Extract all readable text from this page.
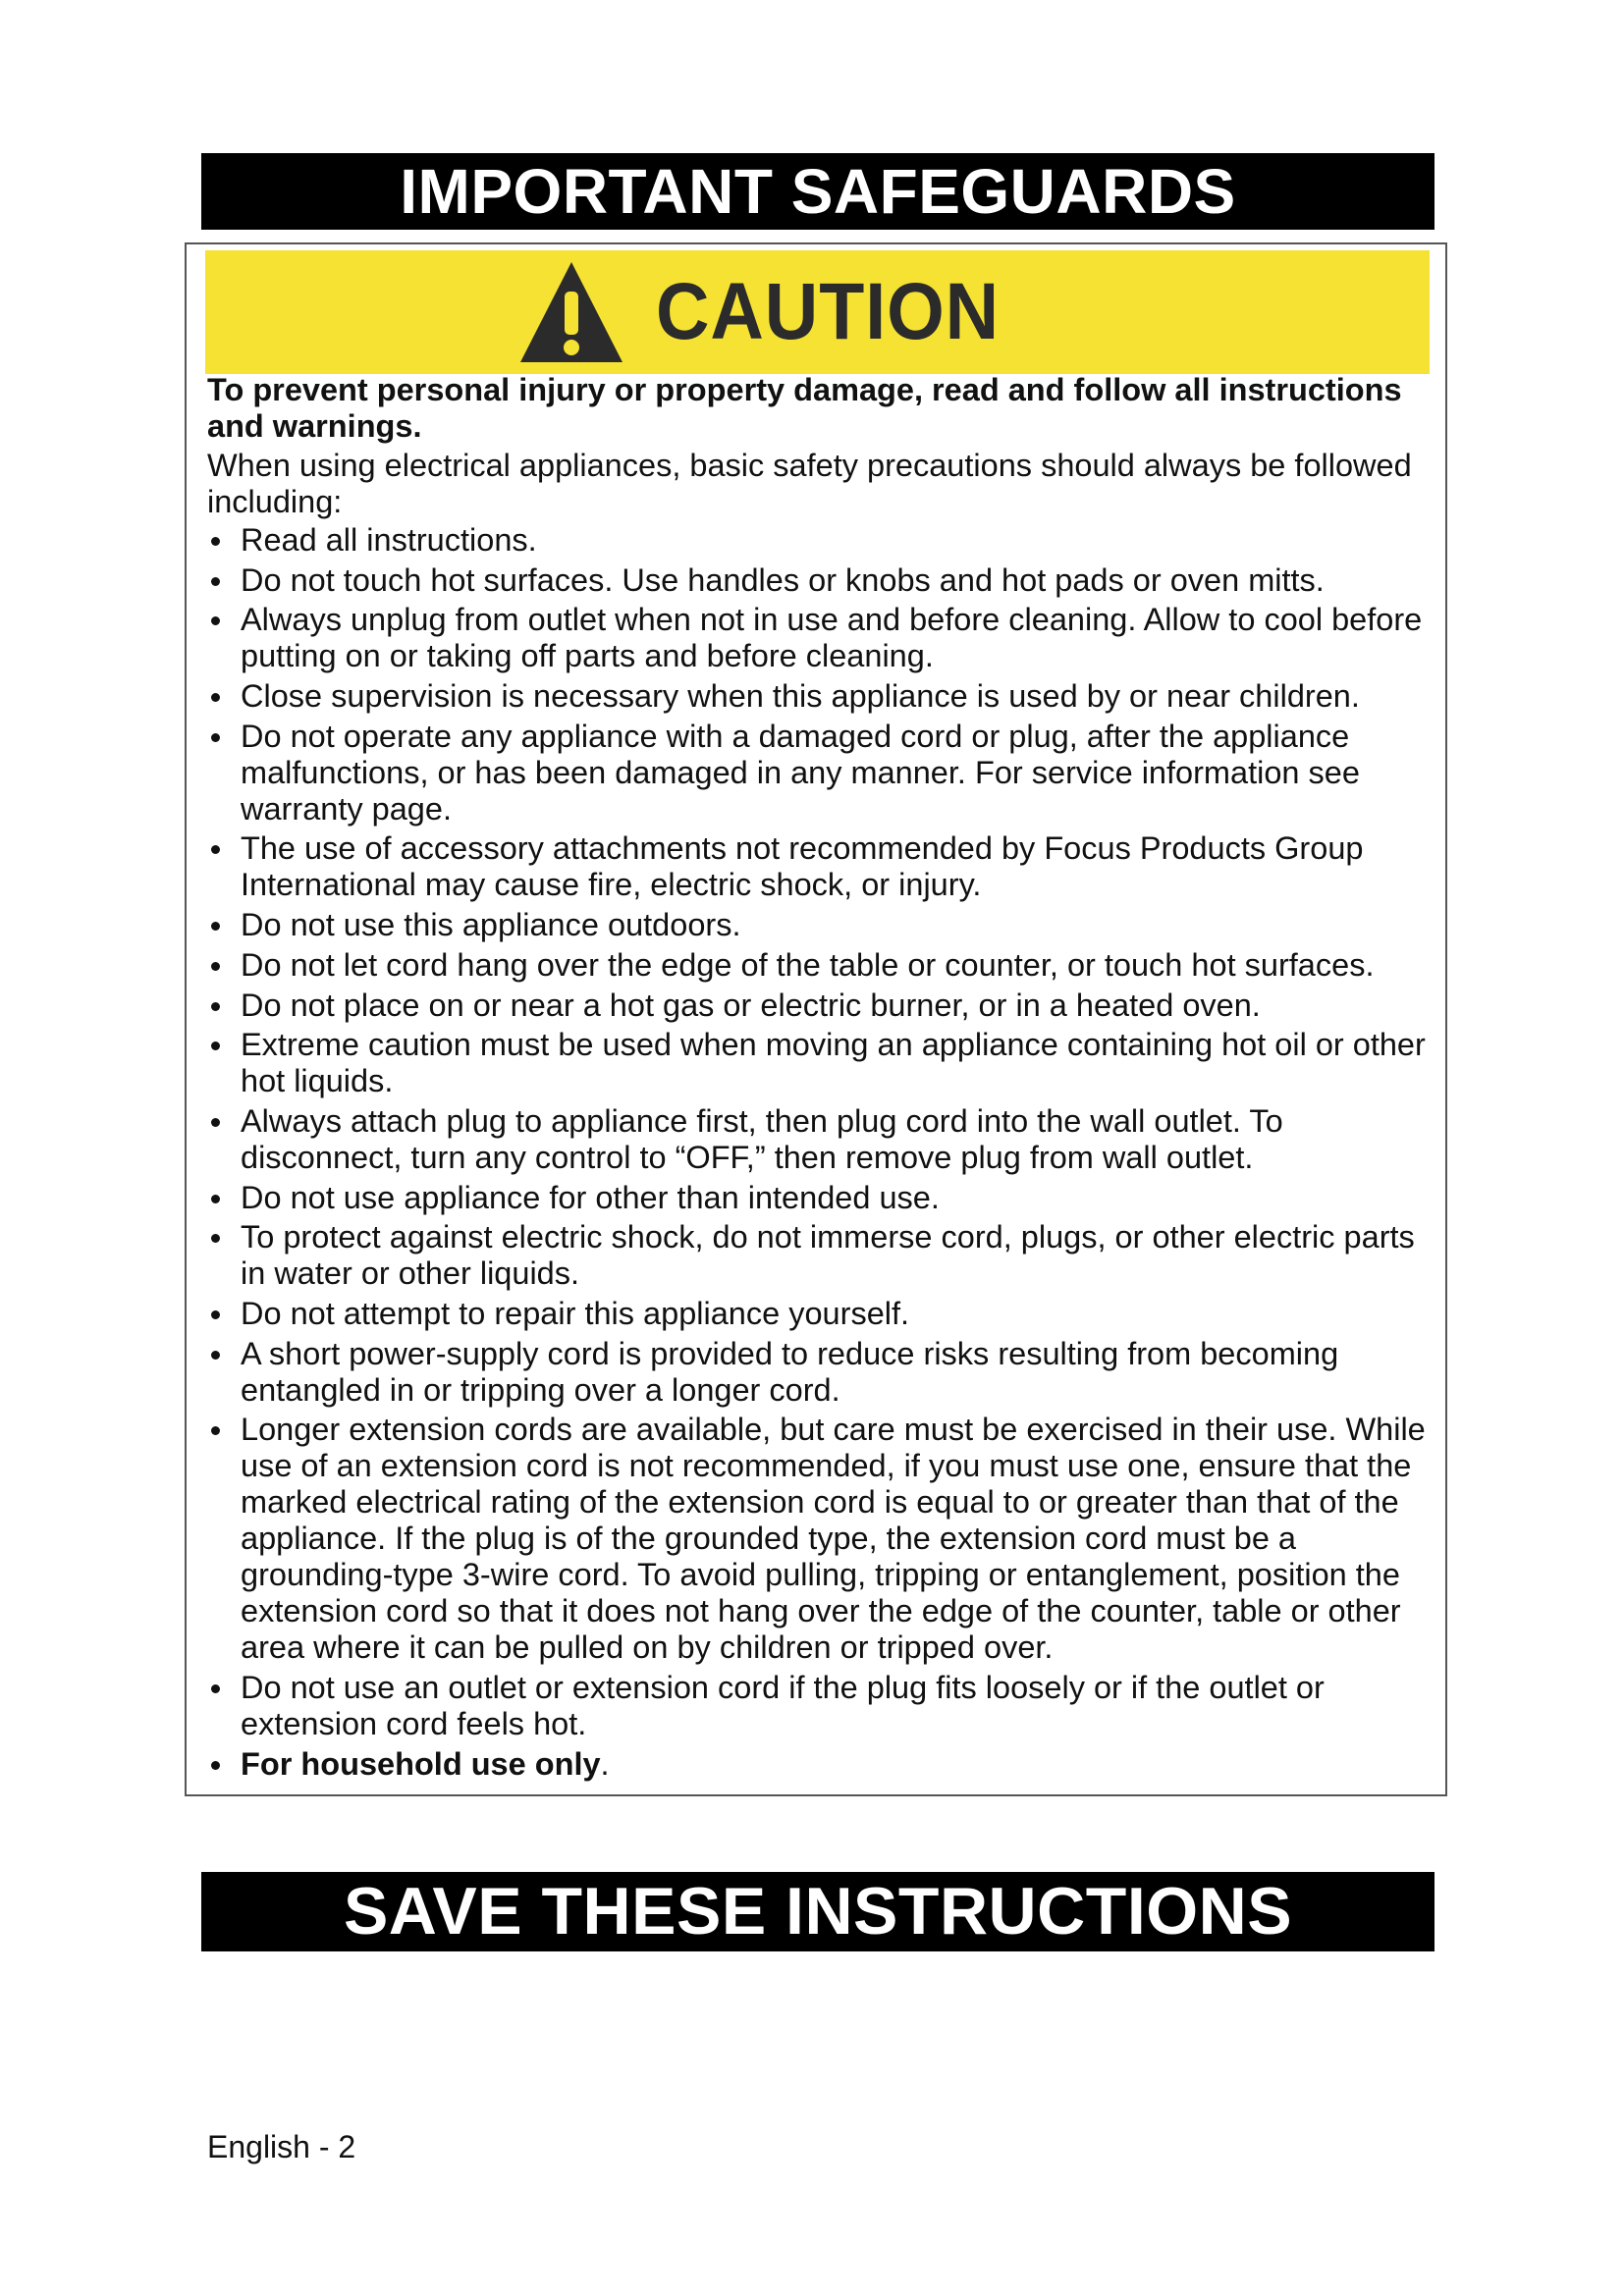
IMPORTANT SAFEGUARDS
CAUTION

To prevent personal injury or property damage, read and follow all instructions and warnings.

When using electrical appliances, basic safety precautions should always be followed including:

Read all instructions.
Do not touch hot surfaces. Use handles or knobs and hot pads or oven mitts.
Always unplug from outlet when not in use and before cleaning. Allow to cool before putting on or taking off parts and before cleaning.
Close supervision is necessary when this appliance is used by or near children.
Do not operate any appliance with a damaged cord or plug, after the appliance malfunctions, or has been damaged in any manner. For service information see warranty page.
The use of accessory attachments not recommended by Focus Products Group International may cause fire, electric shock, or injury.
Do not use this appliance outdoors.
Do not let cord hang over the edge of the table or counter, or touch hot surfaces.
Do not place on or near a hot gas or electric burner, or in a heated oven.
Extreme caution must be used when moving an appliance containing hot oil or other hot liquids.
Always attach plug to appliance first, then plug cord into the wall outlet. To disconnect, turn any control to “OFF,” then remove plug from wall outlet.
Do not use appliance for other than intended use.
To protect against electric shock, do not immerse cord, plugs, or other electric parts in water or other liquids.
Do not attempt to repair this appliance yourself.
A short power-supply cord is provided to reduce risks resulting from becoming entangled in or tripping over a longer cord.
Longer extension cords are available, but care must be exercised in their use. While use of an extension cord is not recommended, if you must use one, ensure that the marked electrical rating of the extension cord is equal to or greater than that of the appliance. If the plug is of the grounded type, the extension cord must be a grounding-type 3-wire cord. To avoid pulling, tripping or entanglement, position the extension cord so that it does not hang over the edge of the counter, table or other area where it can be pulled on by children or tripped over.
Do not use an outlet or extension cord if the plug fits loosely or if the outlet or extension cord feels hot.
For household use only.
SAVE THESE INSTRUCTIONS
English - 2
